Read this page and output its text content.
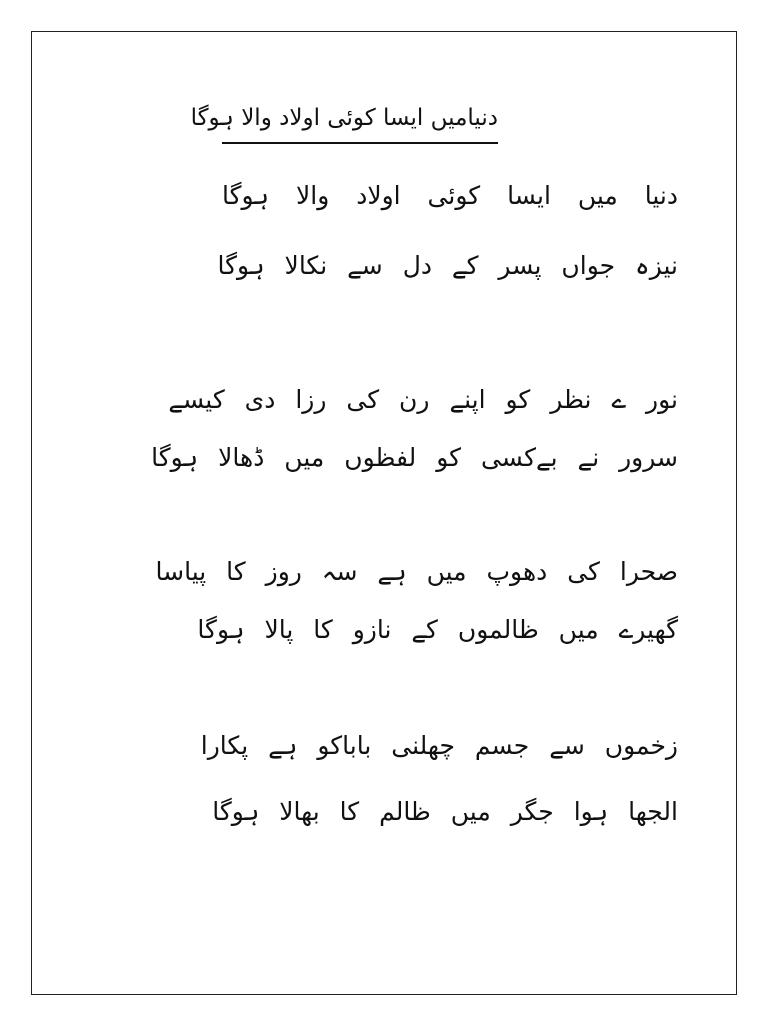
دنیامیں ایسا کوئی اولاد والا ہوگا
دنیا میں ایسا کوئی اولاد والا ہوگا
نیزہ جواں پسر کے دل سے نکالا ہوگا
نور ے نظر کو اپنے رن کی رزا دی کیسے
سرور نے بےکسی کو لفظوں میں ڈھالا ہوگا
صحرا کی دھوپ میں ہے سہ روز کا پیاسا
گھیرے میں ظالموں کے نازو کا پالا ہوگا
زخموں سے جسم چھلنی باباکو ہے پکارا
الجھا ہوا جگر میں ظالم کا بھالا ہوگا
